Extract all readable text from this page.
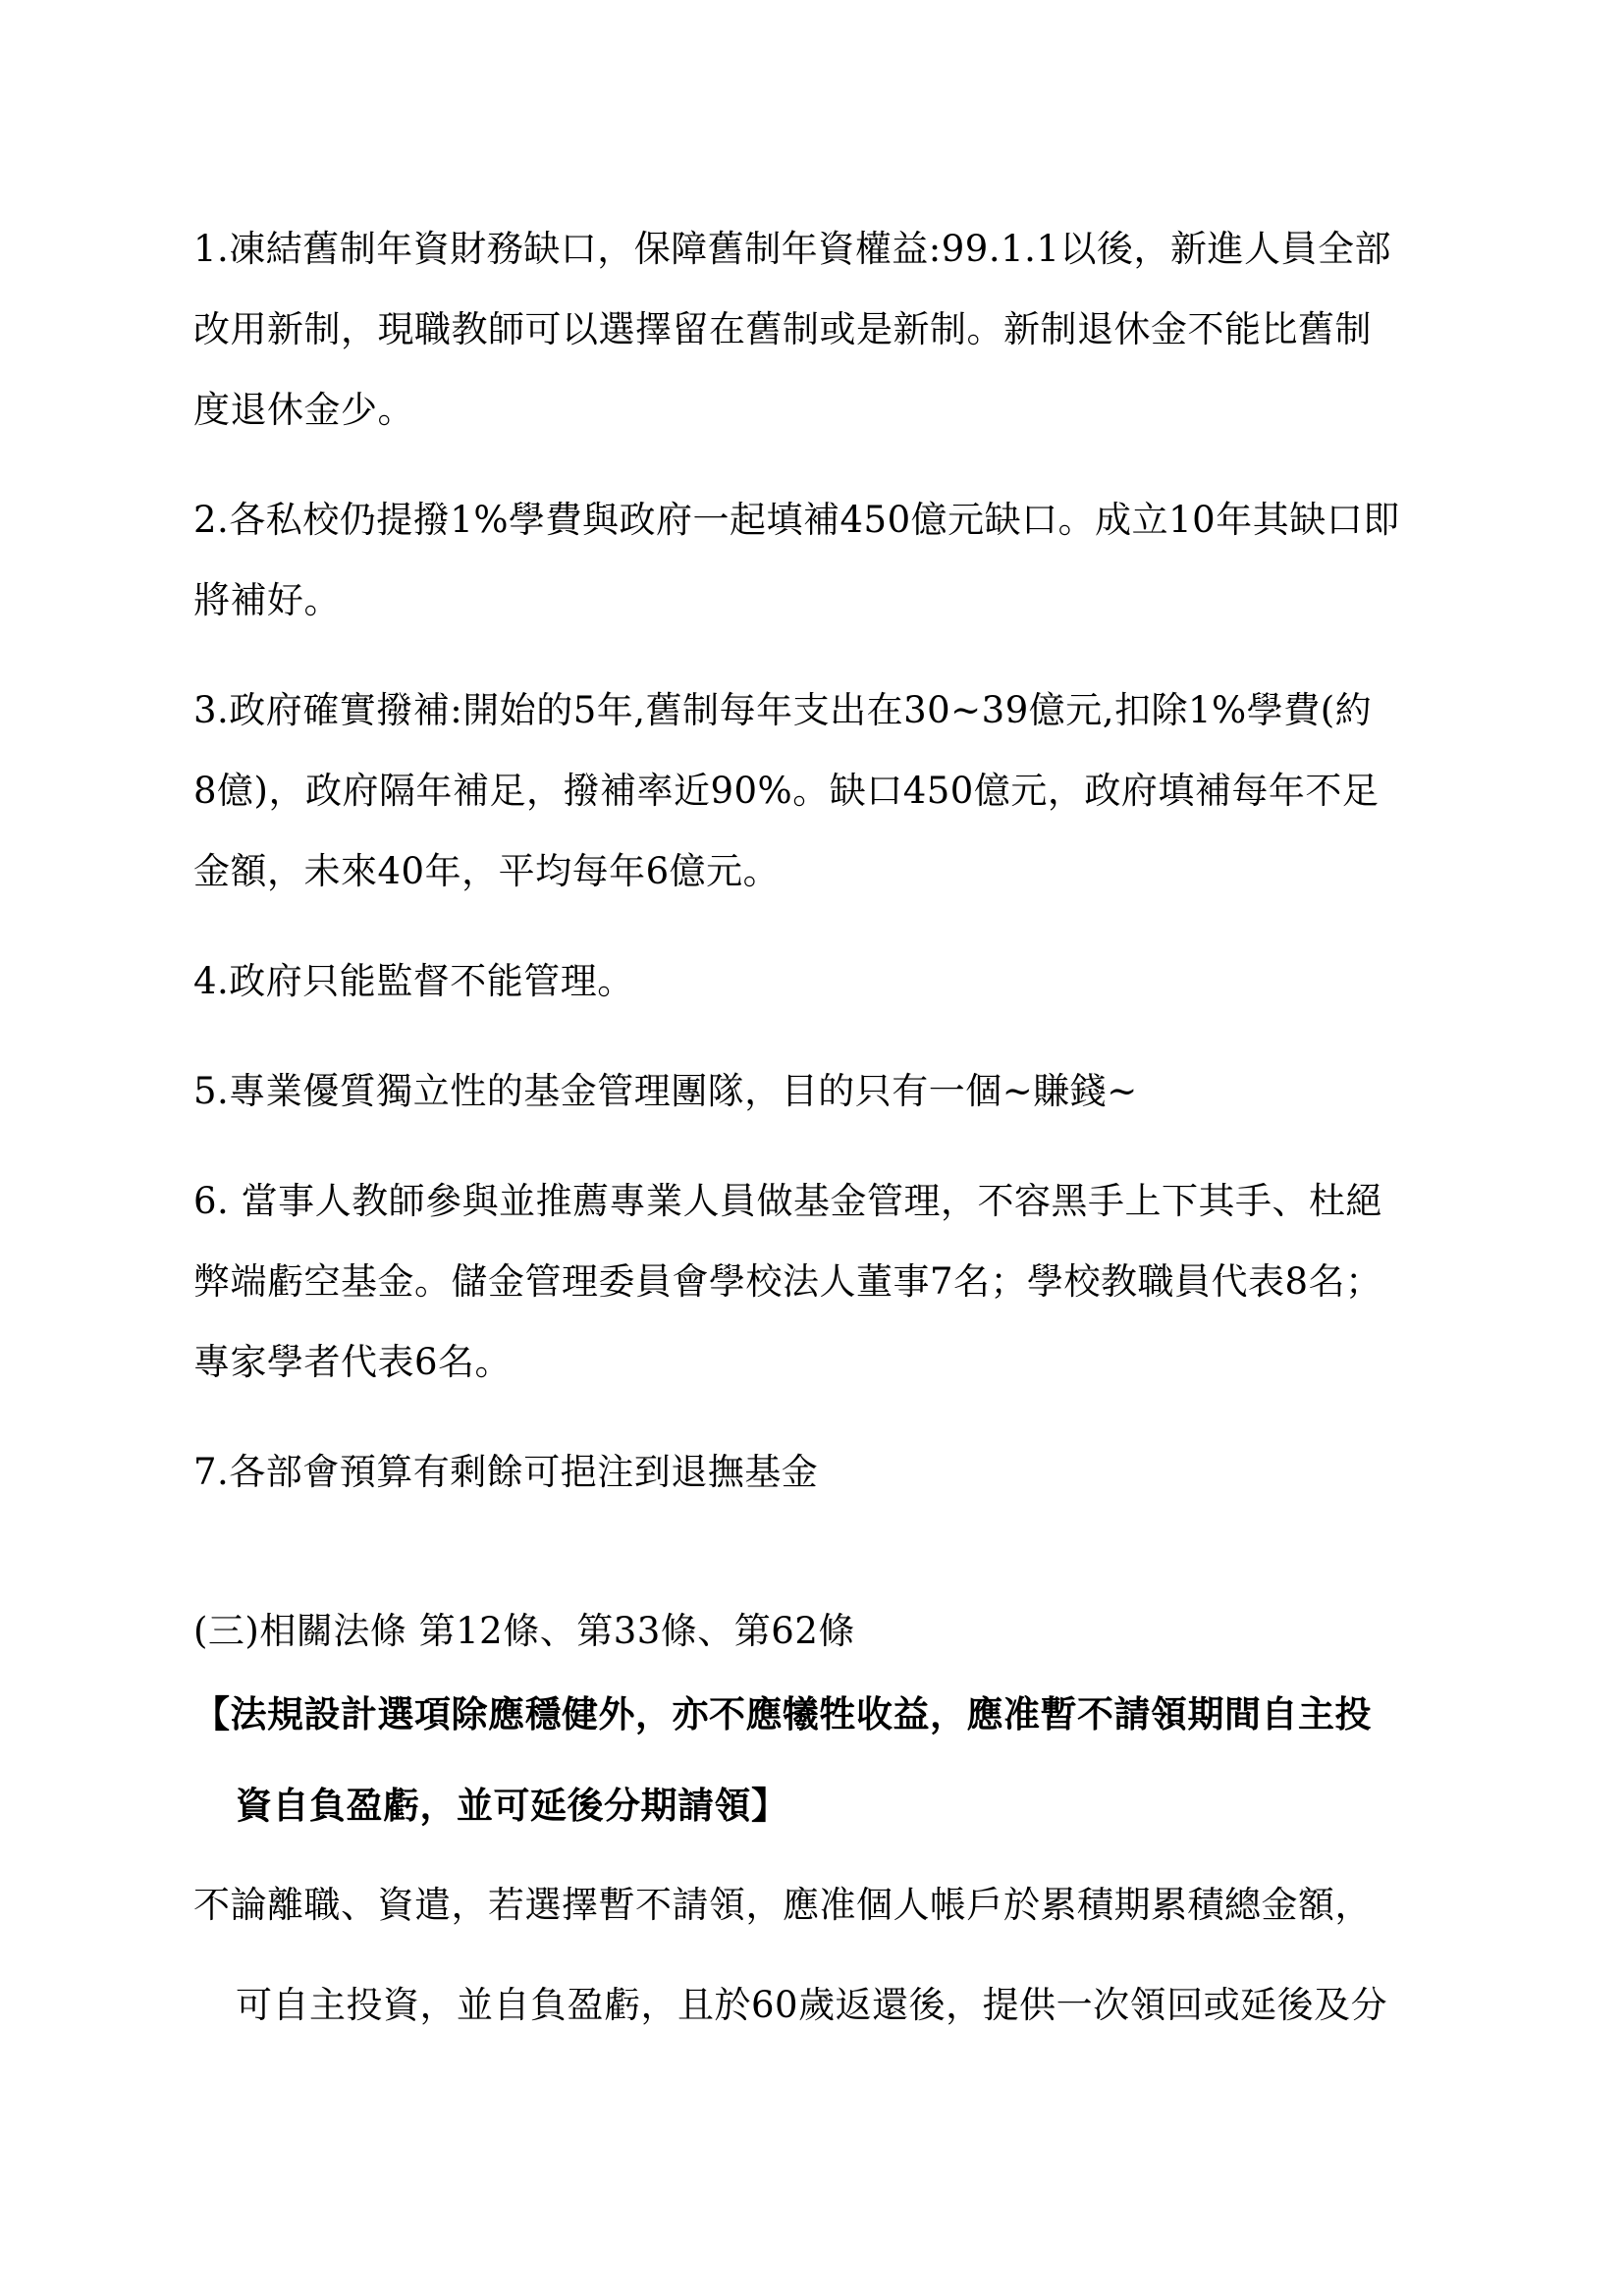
1.凍結舊制年資財務缺口，保障舊制年資權益:99.1.1以後，新進人員全部
改用新制，現職教師可以選擇留在舊制或是新制。新制退休金不能比舊制
度退休金少。
2.各私校仍提撥1%學費與政府一起填補450億元缺口。成立10年其缺口即
將補好。
3.政府確實撥補:開始的5年,舊制每年支出在30~39億元,扣除1%學費(約
8億)，政府隔年補足，撥補率近90%。缺口450億元，政府填補每年不足
金額，未來40年，平均每年6億元。
4.政府只能監督不能管理。
5.專業優質獨立性的基金管理團隊，目的只有一個~賺錢~
6. 當事人教師參與並推薦專業人員做基金管理，不容黑手上下其手、杜絕
弊端虧空基金。儲金管理委員會學校法人董事7名；學校教職員代表8名；
專家學者代表6名。
7.各部會預算有剩餘可挹注到退撫基金
(三)相關法條 第12條、第33條、第62條
【法規設計選項除應穩健外，亦不應犧牲收益，應准暫不請領期間自主投
資自負盈虧，並可延後分期請領】
不論離職、資遣，若選擇暫不請領，應准個人帳戶於累積期累積總金額，
可自主投資，並自負盈虧，且於60歲返還後，提供一次領回或延後及分
